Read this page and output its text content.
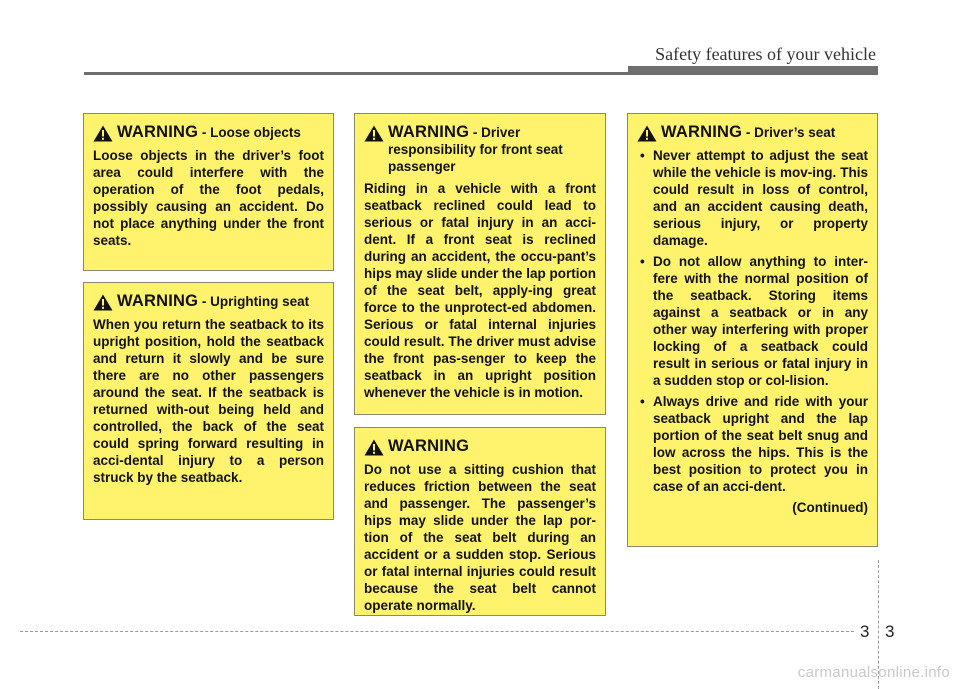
Safety features of your vehicle
WARNING - Loose objects
Loose objects in the driver’s foot area could interfere with the operation of the foot pedals, possibly causing an accident. Do not place anything under the front seats.
WARNING - Uprighting seat
When you return the seatback to its upright position, hold the seatback and return it slowly and be sure there are no other passengers around the seat. If the seatback is returned with-out being held and controlled, the back of the seat could spring forward resulting in acci-dental injury to a person struck by the seatback.
WARNING - Driver responsibility for front seat passenger
Riding in a vehicle with a front seatback reclined could lead to serious or fatal injury in an acci-dent. If a front seat is reclined during an accident, the occu-pant’s hips may slide under the lap portion of the seat belt, apply-ing great force to the unprotect-ed abdomen. Serious or fatal internal injuries could result. The driver must advise the front pas-senger to keep the seatback in an upright position whenever the vehicle is in motion.
WARNING
Do not use a sitting cushion that reduces friction between the seat and passenger. The passenger’s hips may slide under the lap por-tion of the seat belt during an accident or a sudden stop. Serious or fatal internal injuries could result because the seat belt cannot operate normally.
WARNING - Driver’s seat
• Never attempt to adjust the seat while the vehicle is mov-ing. This could result in loss of control, and an accident causing death, serious injury, or property damage.
• Do not allow anything to inter-fere with the normal position of the seatback. Storing items against a seatback or in any other way interfering with proper locking of a seatback could result in serious or fatal injury in a sudden stop or col-lision.
• Always drive and ride with your seatback upright and the lap portion of the seat belt snug and low across the hips. This is the best position to protect you in case of an acci-dent.
(Continued)
3 3
carmanualsonline.info
